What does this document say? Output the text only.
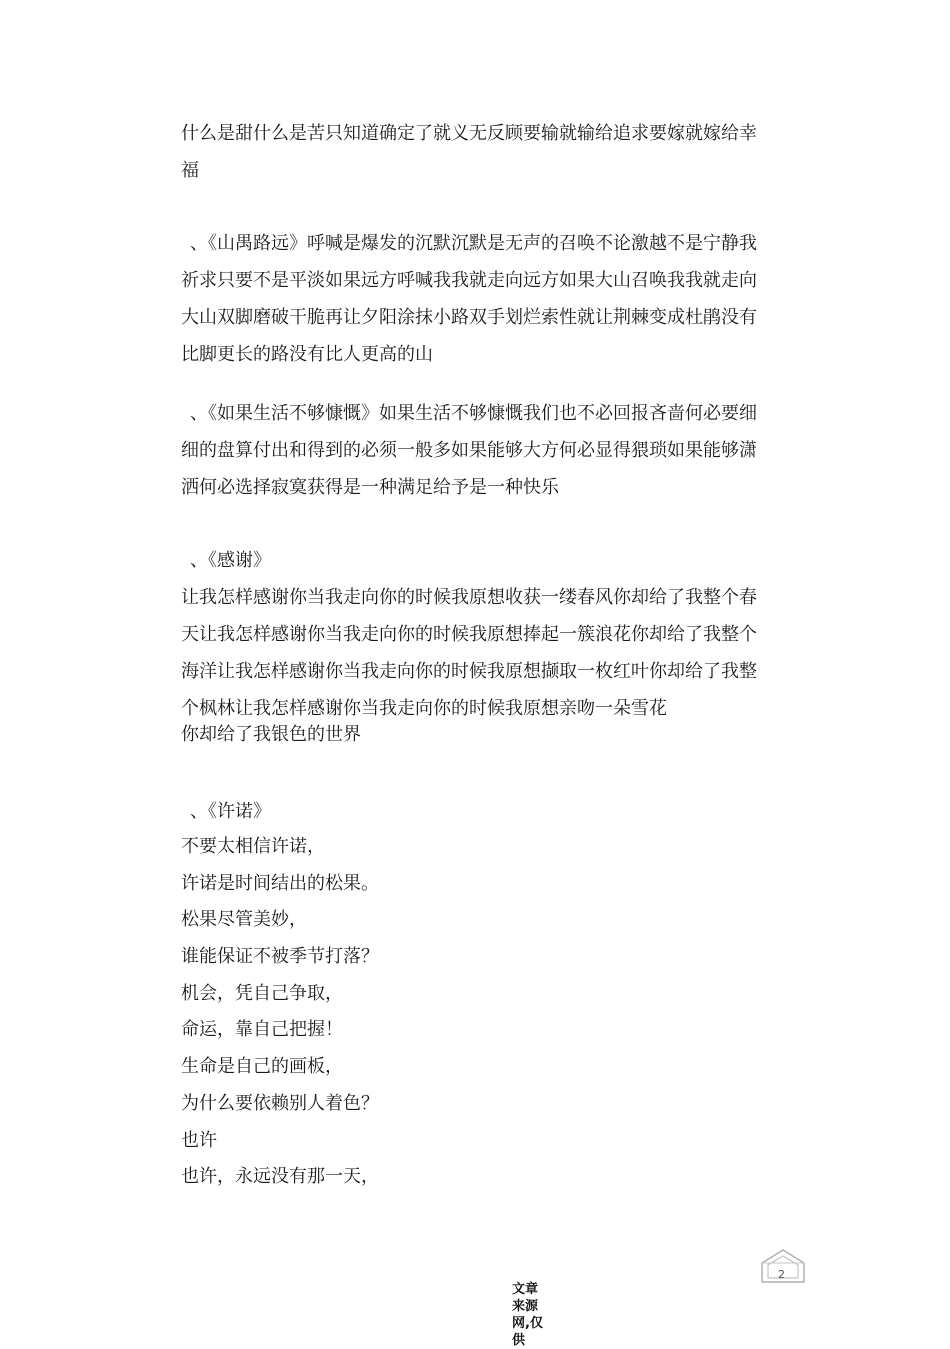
什么是甜什么是苦只知道确定了就义无反顾要输就输给追求要嫁就嫁给幸
福
、《山禺路远》呼喊是爆发的沉默沉默是无声的召唤不论激越不是宁静我
祈求只要不是平淡如果远方呼喊我我就走向远方如果大山召唤我我就走向
大山双脚磨破干脆再让夕阳涂抹小路双手划烂索性就让荆棘变成杜鹃没有
比脚更长的路没有比人更高的山
、《如果生活不够慷慨》如果生活不够慷慨我们也不必回报吝啬何必要细
细的盘算付出和得到的必须一般多如果能够大方何必显得猥琐如果能够潇
洒何必选择寂寞获得是一种满足给予是一种快乐
、《感谢》
让我怎样感谢你当我走向你的时候我原想收获一缕春风你却给了我整个春
天让我怎样感谢你当我走向你的时候我原想捧起一簇浪花你却给了我整个
海洋让我怎样感谢你当我走向你的时候我原想撷取一枚红叶你却给了我整
个枫林让我怎样感谢你当我走向你的时候我原想亲吻一朵雪花
你却给了我银色的世界
、《许诺》
不要太相信许诺，
许诺是时间结出的松果。
松果尽管美妙，
谁能保证不被季节打落？
机会，凭自己争取，
命运，靠自己把握！
生命是自己的画板，
为什么要依赖别人着色？
也许
也许，永远没有那一天，
2
文章来源网,仅供
